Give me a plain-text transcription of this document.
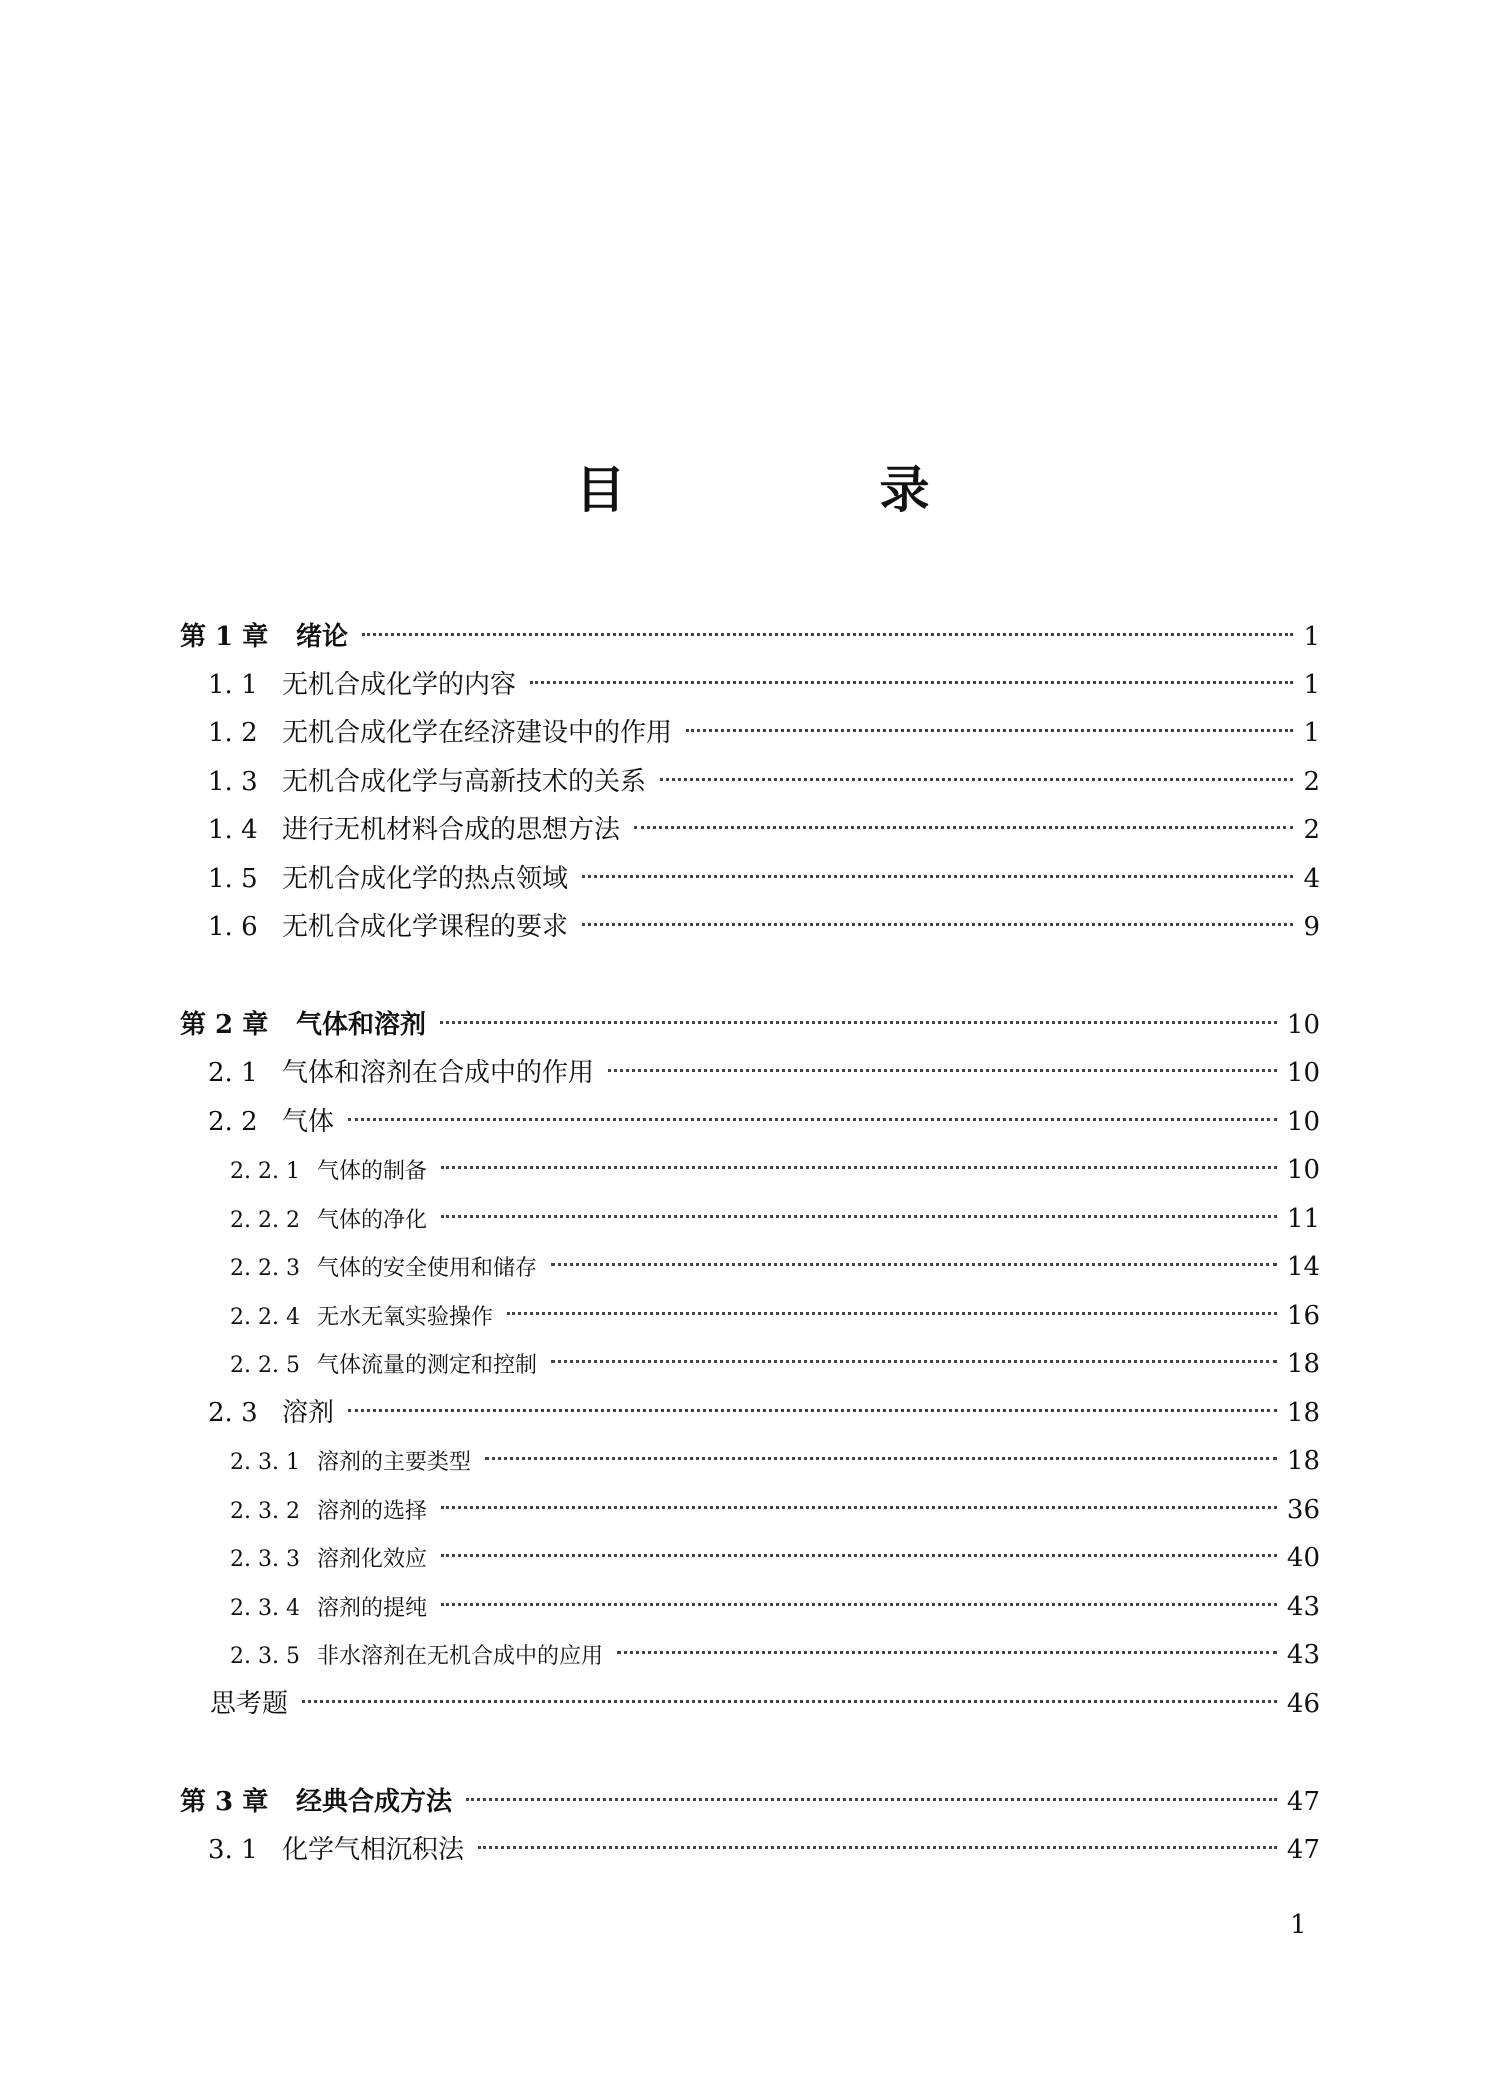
目　录
第 1 章	绪论	1
1. 1 无机合成化学的内容	1
1. 2 无机合成化学在经济建设中的作用	1
1. 3 无机合成化学与高新技术的关系	2
1. 4 进行无机材料合成的思想方法	2
1. 5 无机合成化学的热点领域	4
1. 6 无机合成化学课程的要求	9
第 2 章	气体和溶剂	10
2. 1 气体和溶剂在合成中的作用	10
2. 2 气体	10
2. 2. 1 气体的制备	10
2. 2. 2 气体的净化	11
2. 2. 3 气体的安全使用和储存	14
2. 2. 4 无水无氧实验操作	16
2. 2. 5 气体流量的测定和控制	18
2. 3 溶剂	18
2. 3. 1 溶剂的主要类型	18
2. 3. 2 溶剂的选择	36
2. 3. 3 溶剂化效应	40
2. 3. 4 溶剂的提纯	43
2. 3. 5 非水溶剂在无机合成中的应用	43
思考题	46
第 3 章	经典合成方法	47
3. 1 化学气相沉积法	47
1
